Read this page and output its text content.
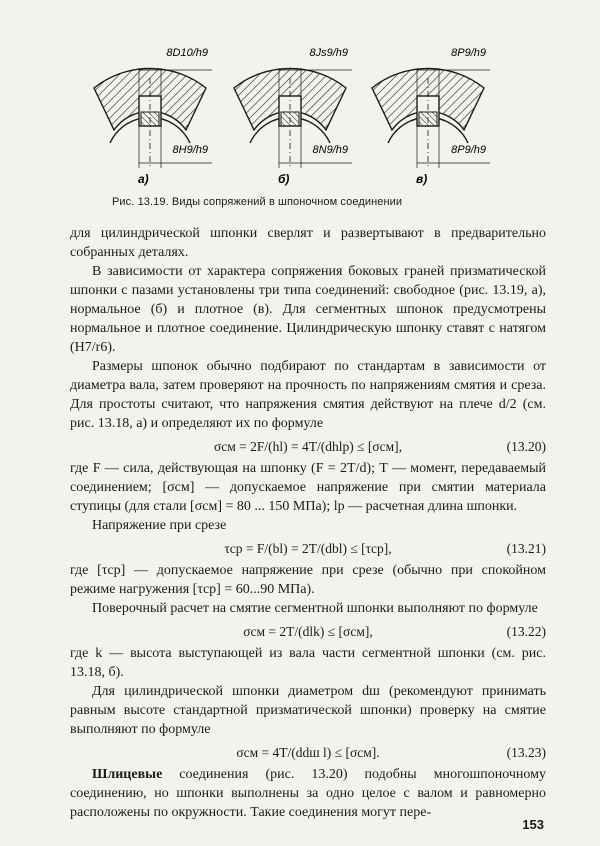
8D10/h9
8H9/h9
а)
8Js9/h9
8N9/h9
б)
8P9/h9
8P9/h9
в)
Рис. 13.19. Виды сопряжений в шпоночном соединении

для цилиндрической шпонки сверлят и развертывают в предварительно собранных деталях.

В зависимости от характера сопряжения боковых граней призматической шпонки с пазами установлены три типа соединений: свободное (рис. 13.19, а), нормальное (б) и плотное (в). Для сегментных шпонок предусмотрены нормальное и плотное соединение. Цилиндрическую шпонку ставят с натягом (H7/r6).

Размеры шпонок обычно подбирают по стандартам в зависимости от диаметра вала, затем проверяют на прочность по напряжениям смятия и среза. Для простоты считают, что напряжения смятия действуют на плече d/2 (см. рис. 13.18, а) и определяют их по формуле

σсм = 2F/(hl) = 4T/(dhlр) ≤ [σсм],	(13.20)

где F — сила, действующая на шпонку (F = 2T/d); T — момент, передаваемый соединением; [σсм] — допускаемое напряжение при смятии материала ступицы (для стали [σсм] = 80 ... 150 МПа); lр — расчетная длина шпонки.

Напряжение при срезе

τср = F/(bl) = 2T/(dbl) ≤ [τср],	(13.21)

где [τср] — допускаемое напряжение при срезе (обычно при спокойном режиме нагружения [τср] = 60...90 МПа).

Поверочный расчет на смятие сегментной шпонки выполняют по формуле

σсм = 2T/(dlk) ≤ [σсм],	(13.22)

где k — высота выступающей из вала части сегментной шпонки (см. рис. 13.18, б).

Для цилиндрической шпонки диаметром dш (рекомендуют принимать равным высоте стандартной призматической шпонки) проверку на смятие выполняют по формуле

σсм = 4T/(ddш l) ≤ [σсм].	(13.23)

Шлицевые соединения (рис. 13.20) подобны многошпоночному соединению, но шпонки выполнены за одно целое с валом и равномерно расположены по окружности. Такие соединения могут пере-

153
